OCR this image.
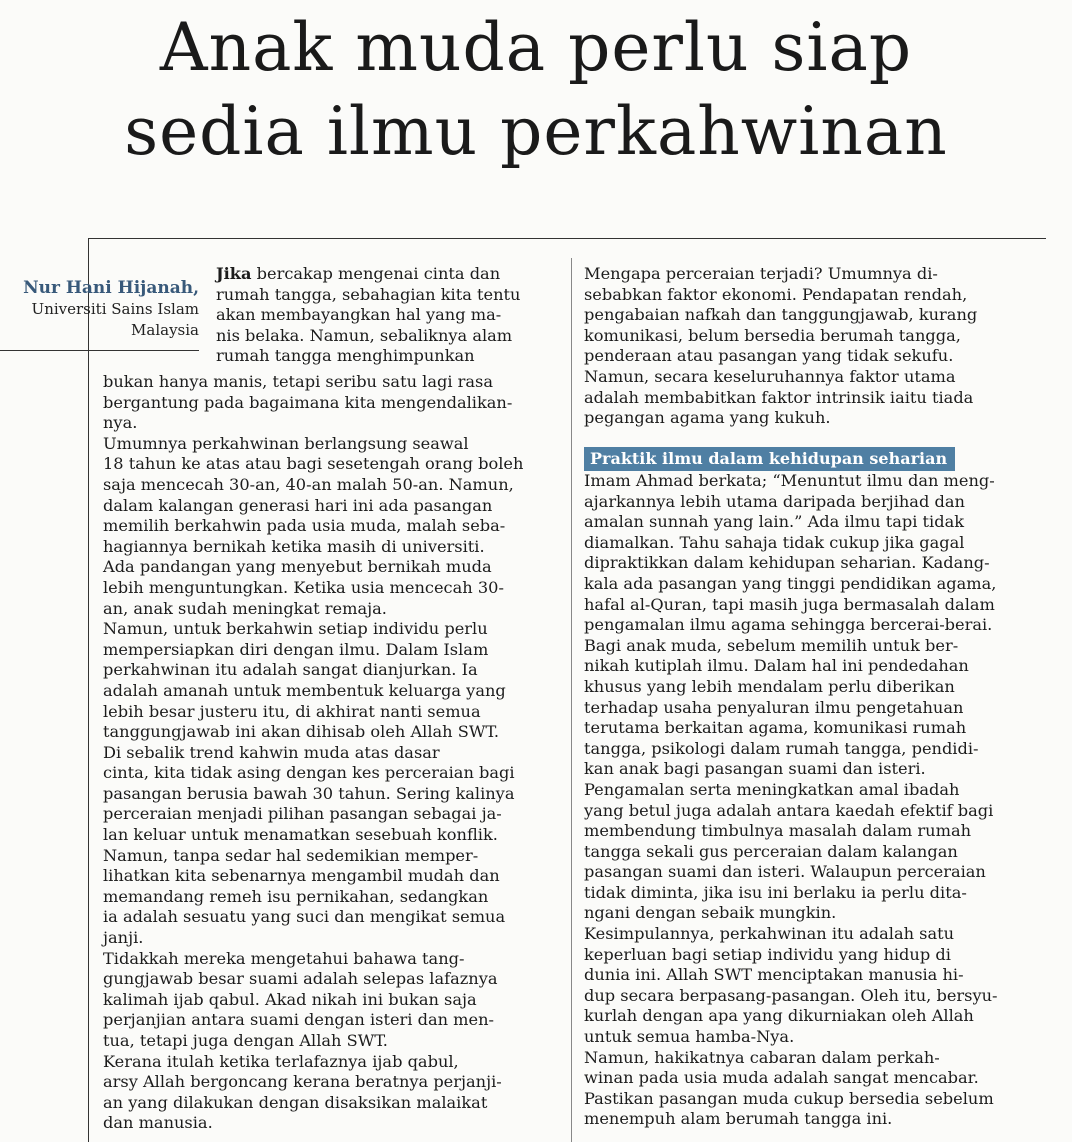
Anak muda perlu siap
sedia ilmu perkahwinan
Nur Hani Hijanah,
Universiti Sains Islam
Malaysia
Jika bercakap mengenai cinta dan
rumah tangga, sebahagian kita tentu
akan membayangkan hal yang ma-
nis belaka. Namun, sebaliknya alam
rumah tangga menghimpunkan
bukan hanya manis, tetapi seribu satu lagi rasa
bergantung pada bagaimana kita mengendalikan-
nya.
Umumnya perkahwinan berlangsung seawal
18 tahun ke atas atau bagi sesetengah orang boleh
saja mencecah 30-an, 40-an malah 50-an. Namun,
dalam kalangan generasi hari ini ada pasangan
memilih berkahwin pada usia muda, malah seba-
hagiannya bernikah ketika masih di universiti.
Ada pandangan yang menyebut bernikah muda
lebih menguntungkan. Ketika usia mencecah 30-
an, anak sudah meningkat remaja.
Namun, untuk berkahwin setiap individu perlu
mempersiapkan diri dengan ilmu. Dalam Islam
perkahwinan itu adalah sangat dianjurkan. Ia
adalah amanah untuk membentuk keluarga yang
lebih besar justeru itu, di akhirat nanti semua
tanggungjawab ini akan dihisab oleh Allah SWT.
Di sebalik trend kahwin muda atas dasar
cinta, kita tidak asing dengan kes perceraian bagi
pasangan berusia bawah 30 tahun. Sering kalinya
perceraian menjadi pilihan pasangan sebagai ja-
lan keluar untuk menamatkan sesebuah konflik.
Namun, tanpa sedar hal sedemikian memper-
lihatkan kita sebenarnya mengambil mudah dan
memandang remeh isu pernikahan, sedangkan
ia adalah sesuatu yang suci dan mengikat semua
janji.
Tidakkah mereka mengetahui bahawa tang-
gungjawab besar suami adalah selepas lafaznya
kalimah ijab qabul. Akad nikah ini bukan saja
perjanjian antara suami dengan isteri dan men-
tua, tetapi juga dengan Allah SWT.
Kerana itulah ketika terlafaznya ijab qabul,
arsy Allah bergoncang kerana beratnya perjanji-
an yang dilakukan dengan disaksikan malaikat
dan manusia.
Mengapa perceraian terjadi? Umumnya di-
sebabkan faktor ekonomi. Pendapatan rendah,
pengabaian nafkah dan tanggungjawab, kurang
komunikasi, belum bersedia berumah tangga,
penderaan atau pasangan yang tidak sekufu.
Namun, secara keseluruhannya faktor utama
adalah membabitkan faktor intrinsik iaitu tiada
pegangan agama yang kukuh.
Praktik ilmu dalam kehidupan seharian
Imam Ahmad berkata; “Menuntut ilmu dan meng-
ajarkannya lebih utama daripada berjihad dan
amalan sunnah yang lain.” Ada ilmu tapi tidak
diamalkan. Tahu sahaja tidak cukup jika gagal
dipraktikkan dalam kehidupan seharian. Kadang-
kala ada pasangan yang tinggi pendidikan agama,
hafal al-Quran, tapi masih juga bermasalah dalam
pengamalan ilmu agama sehingga bercerai-berai.
Bagi anak muda, sebelum memilih untuk ber-
nikah kutiplah ilmu. Dalam hal ini pendedahan
khusus yang lebih mendalam perlu diberikan
terhadap usaha penyaluran ilmu pengetahuan
terutama berkaitan agama, komunikasi rumah
tangga, psikologi dalam rumah tangga, pendidi-
kan anak bagi pasangan suami dan isteri.
Pengamalan serta meningkatkan amal ibadah
yang betul juga adalah antara kaedah efektif bagi
membendung timbulnya masalah dalam rumah
tangga sekali gus perceraian dalam kalangan
pasangan suami dan isteri. Walaupun perceraian
tidak diminta, jika isu ini berlaku ia perlu dita-
ngani dengan sebaik mungkin.
Kesimpulannya, perkahwinan itu adalah satu
keperluan bagi setiap individu yang hidup di
dunia ini. Allah SWT menciptakan manusia hi-
dup secara berpasang-pasangan. Oleh itu, bersyu-
kurlah dengan apa yang dikurniakan oleh Allah
untuk semua hamba-Nya.
Namun, hakikatnya cabaran dalam perkah-
winan pada usia muda adalah sangat mencabar.
Pastikan pasangan muda cukup bersedia sebelum
menempuh alam berumah tangga ini.
